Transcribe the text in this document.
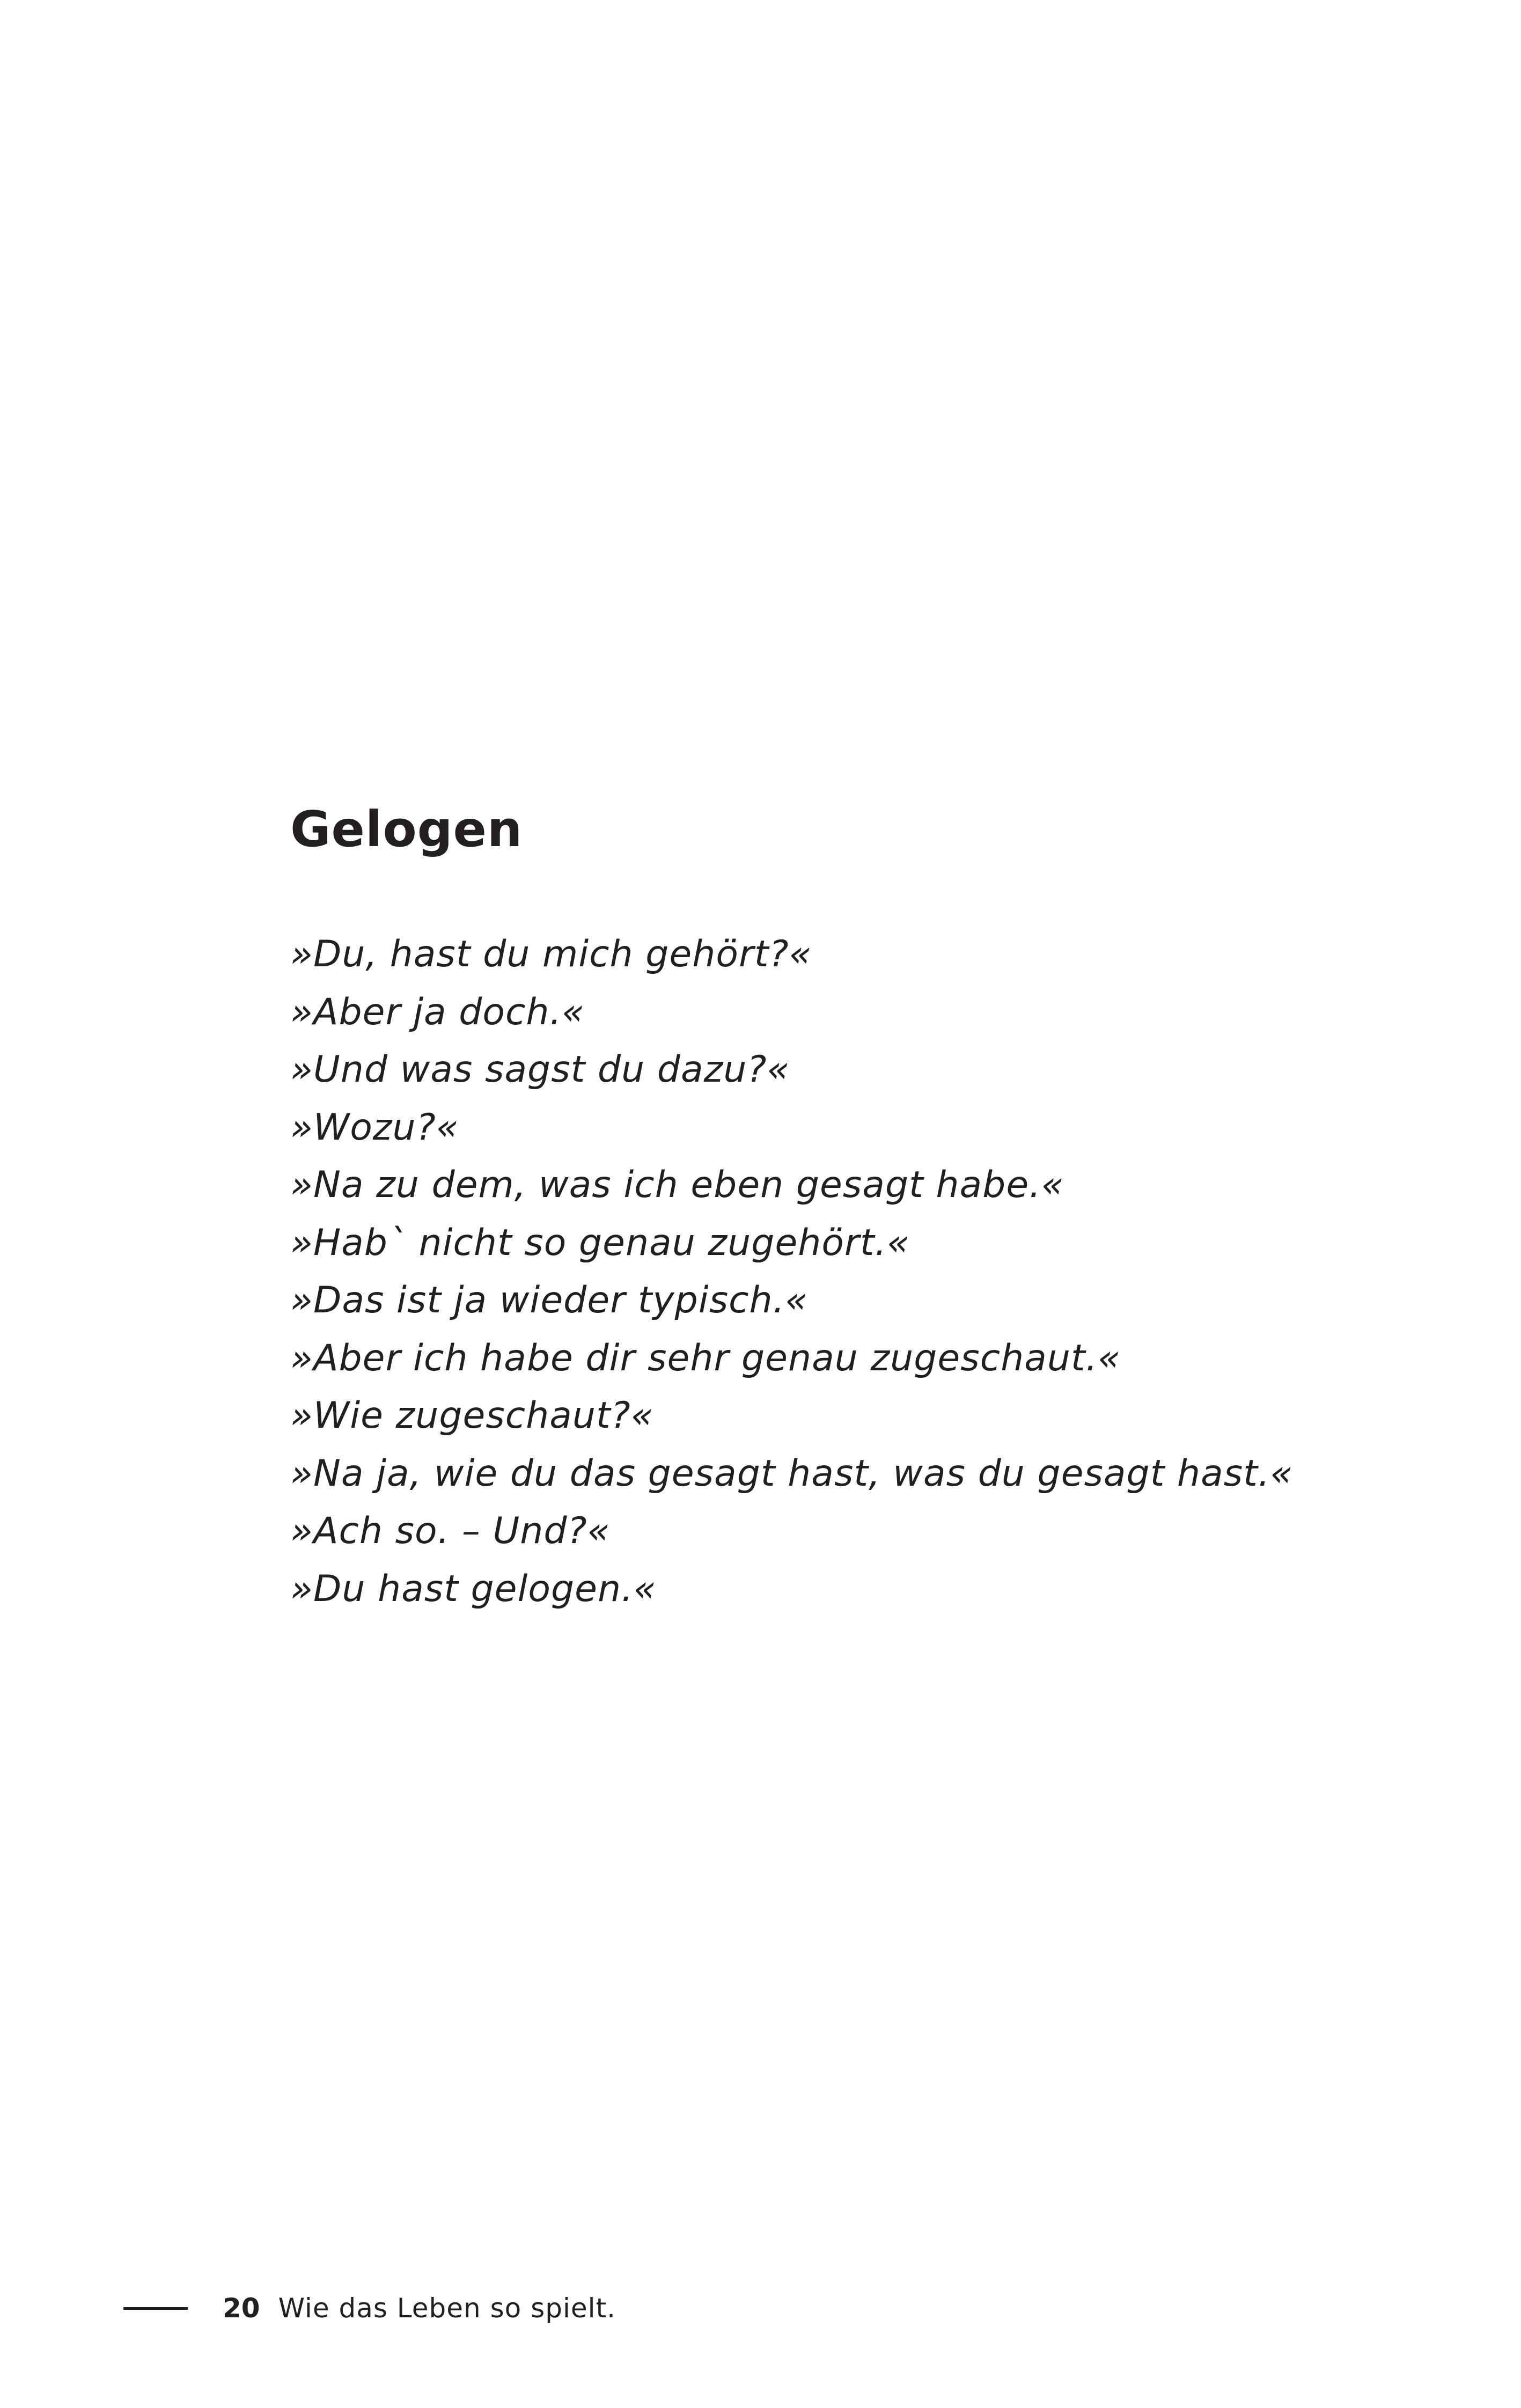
Gelogen
»Du, hast du mich gehört?«
»Aber ja doch.«
»Und was sagst du dazu?«
»Wozu?«
»Na zu dem, was ich eben gesagt habe.«
»Hab` nicht so genau zugehört.«
»Das ist ja wieder typisch.«
»Aber ich habe dir sehr genau zugeschaut.«
»Wie zugeschaut?«
»Na ja, wie du das gesagt hast, was du gesagt hast.«
»Ach so. – Und?«
»Du hast gelogen.«
20 Wie das Leben so spielt.
